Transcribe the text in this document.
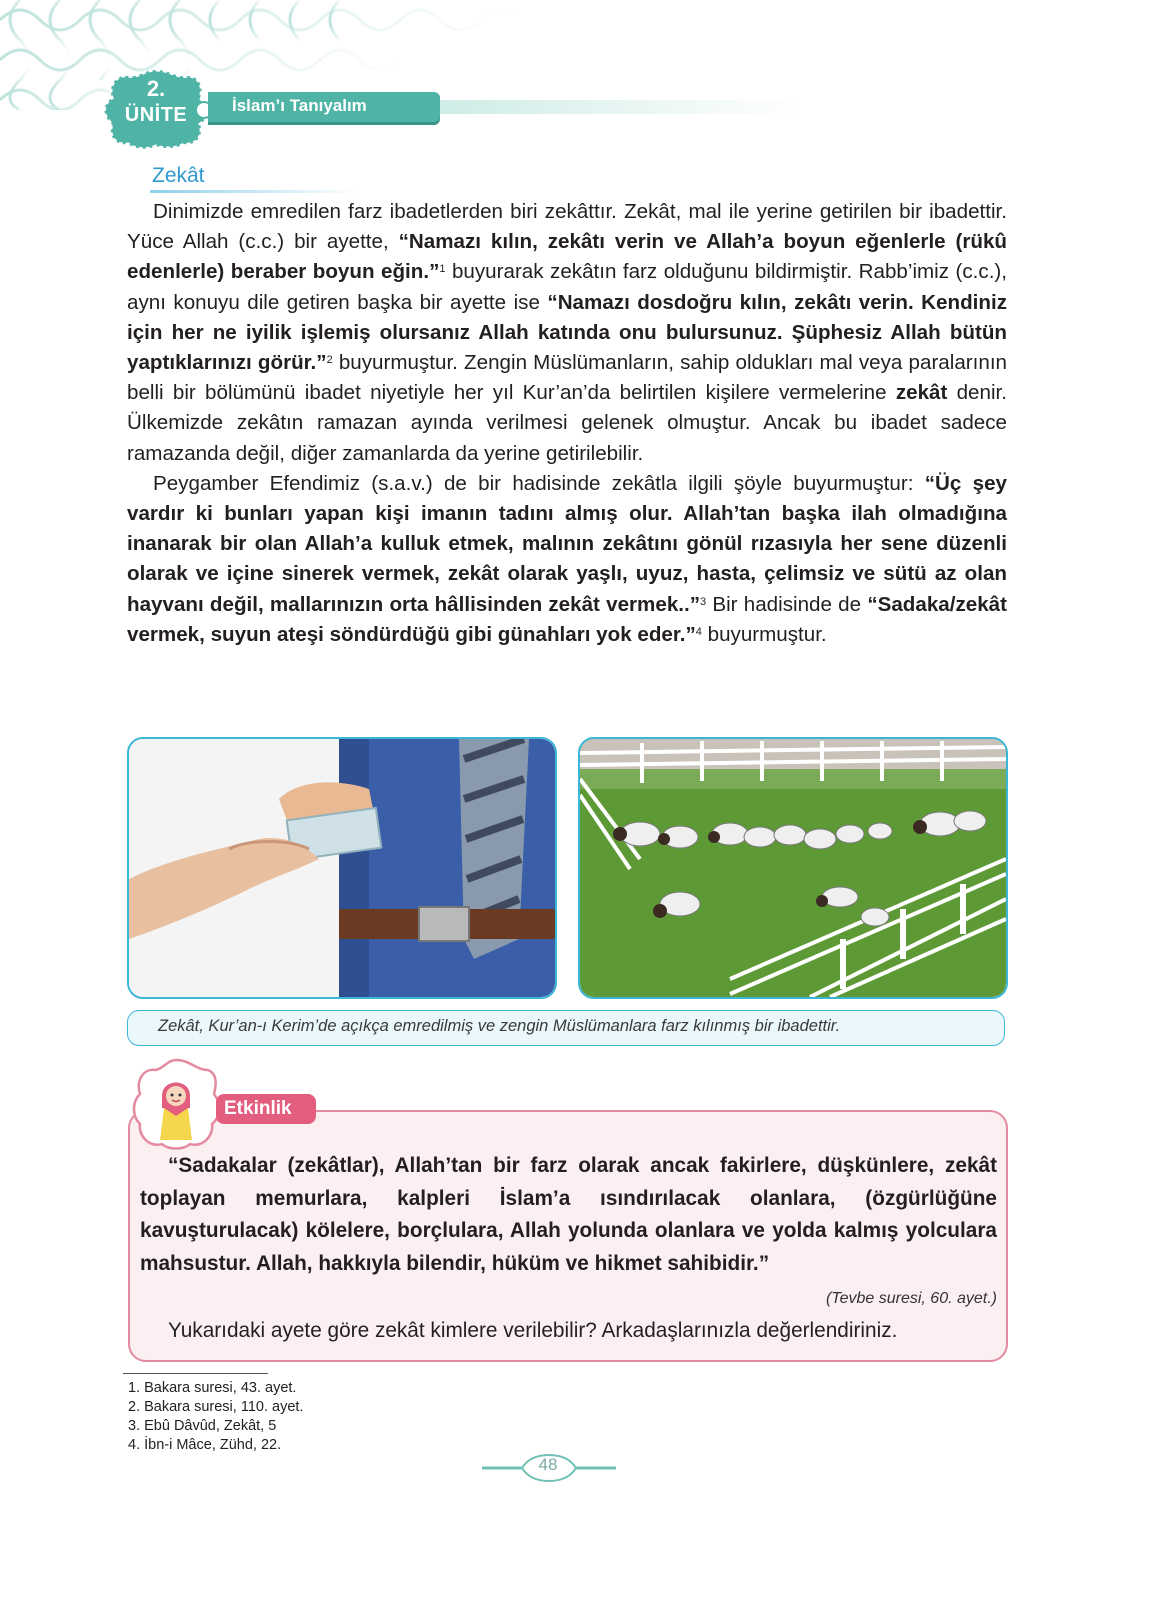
2.
ÜNİTE	İslam’ı Tanıyalım
Zekât

Dinimizde emredilen farz ibadetlerden biri zekâttır. Zekât, mal ile yerine getirilen bir ibadettir. Yüce Allah (c.c.) bir ayette, “Namazı kılın, zekâtı verin ve Allah’a boyun eğenlerle (rükû edenlerle) beraber boyun eğin.”$^1$ buyurarak zekâtın farz olduğunu bildirmiştir. Rabb’imiz (c.c.), aynı konuyu dile getiren başka bir ayette ise “Namazı dosdoğru kılın, zekâtı verin. Kendiniz için her ne iyilik işlemiş olursanız Allah katında onu bulursunuz. Şüphesiz Allah bütün yaptıklarınızı görür.”$^2$ buyurmuştur. Zengin Müslümanların, sahip oldukları mal veya paralarının belli bir bölümünü ibadet niyetiyle her yıl Kur’an’da belirtilen kişilere vermelerine zekât denir. Ülkemizde zekâtın ramazan ayında verilmesi gelenek olmuştur. Ancak bu ibadet sadece ramazanda değil, diğer zamanlarda da yerine getirilebilir.

Peygamber Efendimiz (s.a.v.) de bir hadisinde zekâtla ilgili şöyle buyurmuştur: “Üç şey vardır ki bunları yapan kişi imanın tadını almış olur. Allah’tan başka ilah olmadığına inanarak bir olan Allah’a kulluk etmek, malının zekâtını gönül rızasıyla her sene düzenli olarak ve içine sinerek vermek, zekât olarak yaşlı, uyuz, hasta, çelimsiz ve sütü az olan hayvanı değil, mallarınızın orta hâllisinden zekât vermek..”$^3$ Bir hadisinde de “Sadaka/zekât vermek, suyun ateşi söndürdüğü gibi günahları yok eder.”$^4$ buyurmuştur.

Zekât, Kur’an-ı Kerim’de açıkça emredilmiş ve zengin Müslümanlara farz kılınmış bir ibadettir.
Etkinlik

“Sadakalar (zekâtlar), Allah’tan bir farz olarak ancak fakirlere, düşkünlere, zekât toplayan memurlara, kalpleri İslam’a ısındırılacak olanlara, (özgürlüğüne kavuşturulacak) kölelere, borçlulara, Allah yolunda olanlara ve yolda kalmış yolculara mahsustur. Allah, hakkıyla bilendir, hüküm ve hikmet sahibidir.”

(Tevbe suresi, 60. ayet.)
Yukarıdaki ayete göre zekât kimlere verilebilir? Arkadaşlarınızla değerlendiriniz.
1. Bakara suresi, 43. ayet.
2. Bakara suresi, 110. ayet.
3. Ebû Dâvûd, Zekât, 5
4. İbn-i Mâce, Zühd, 22.
48
